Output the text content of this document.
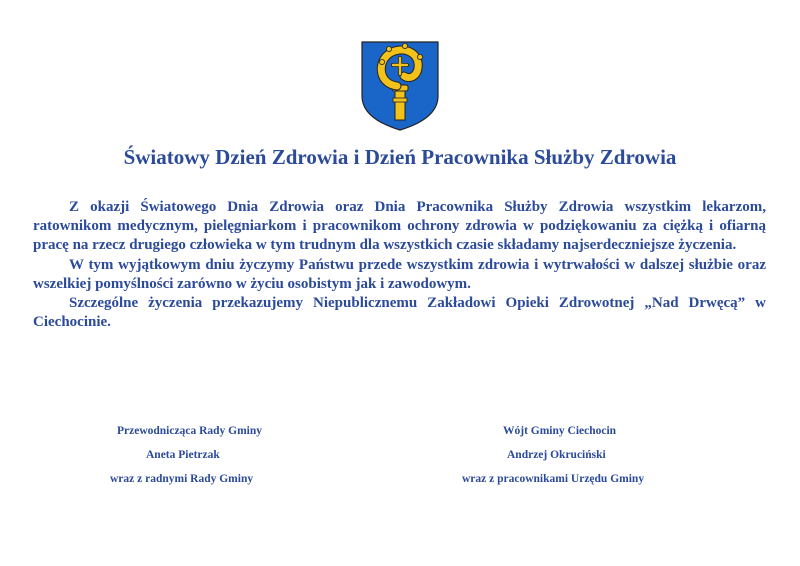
Światowy Dzień Zdrowia i Dzień Pracownika Służby Zdrowia

Z okazji Światowego Dnia Zdrowia oraz Dnia Pracownika Służby Zdrowia wszystkim lekarzom, ratownikom medycznym, pielęgniarkom i pracownikom ochrony zdrowia w podziękowaniu za ciężką i ofiarną pracę na rzecz drugiego człowieka w tym trudnym dla wszystkich czasie składamy najserdeczniejsze życzenia.

W tym wyjątkowym dniu życzymy Państwu przede wszystkim zdrowia i wytrwałości w dalszej służbie oraz wszelkiej pomyślności zarówno w życiu osobistym jak i zawodowym.

Szczególne życzenia przekazujemy Niepublicznemu Zakładowi Opieki Zdrowotnej „Nad Drwęcą” w Ciechocinie.

Przewodnicząca Rady Gminy
Aneta Pietrzak
wraz z radnymi Rady Gminy
Wójt Gminy Ciechocin
Andrzej Okruciński
wraz z pracownikami Urzędu Gminy
